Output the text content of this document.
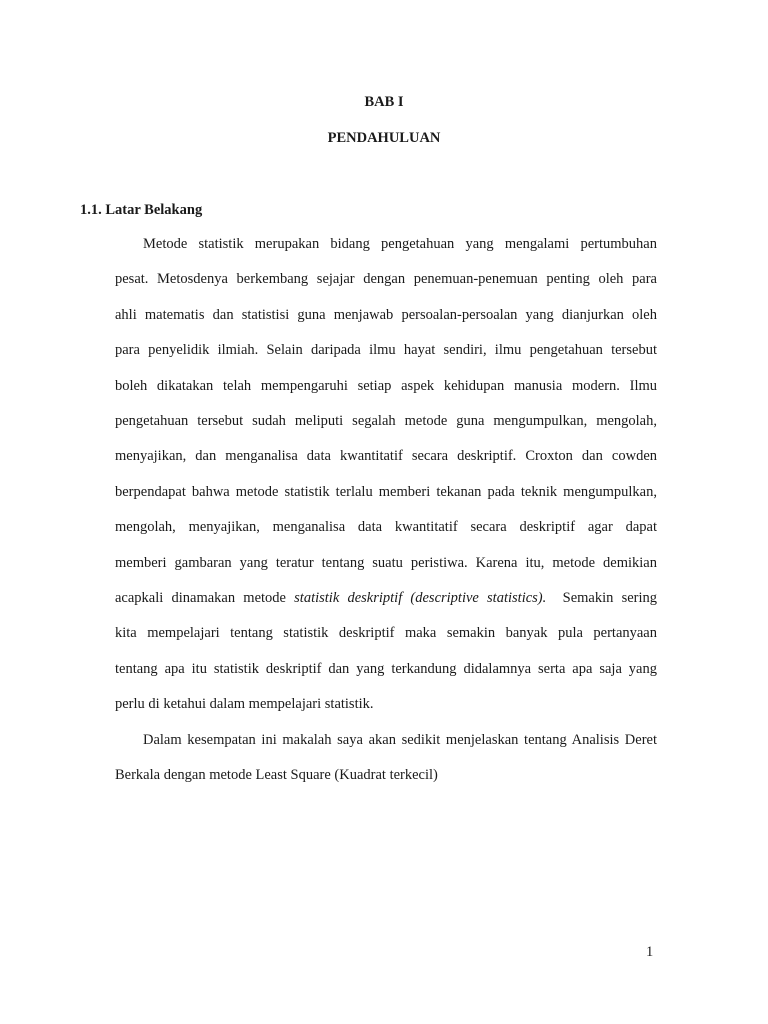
BAB I
PENDAHULUAN
1.1. Latar Belakang
Metode statistik merupakan bidang pengetahuan yang mengalami pertumbuhan
pesat. Metosdenya berkembang sejajar dengan penemuan-penemuan penting oleh para
ahli matematis dan statistisi guna menjawab persoalan-persoalan yang dianjurkan oleh
para penyelidik ilmiah. Selain daripada ilmu hayat sendiri, ilmu pengetahuan tersebut
boleh dikatakan telah mempengaruhi setiap aspek kehidupan manusia modern. Ilmu
pengetahuan tersebut sudah meliputi segalah metode guna mengumpulkan, mengolah,
menyajikan, dan menganalisa data kwantitatif secara deskriptif. Croxton dan cowden
berpendapat bahwa metode statistik terlalu memberi tekanan pada teknik mengumpulkan,
mengolah, menyajikan, menganalisa data kwantitatif secara deskriptif agar dapat
memberi gambaran yang teratur tentang suatu peristiwa. Karena itu, metode demikian
acapkali dinamakan metode statistik deskriptif (descriptive statistics).  Semakin sering
kita mempelajari tentang statistik deskriptif maka semakin banyak pula pertanyaan
tentang apa itu statistik deskriptif dan yang terkandung didalamnya serta apa saja yang
perlu di ketahui dalam mempelajari statistik.
Dalam kesempatan ini makalah saya akan sedikit menjelaskan tentang Analisis Deret
Berkala dengan metode Least Square (Kuadrat terkecil)
1
